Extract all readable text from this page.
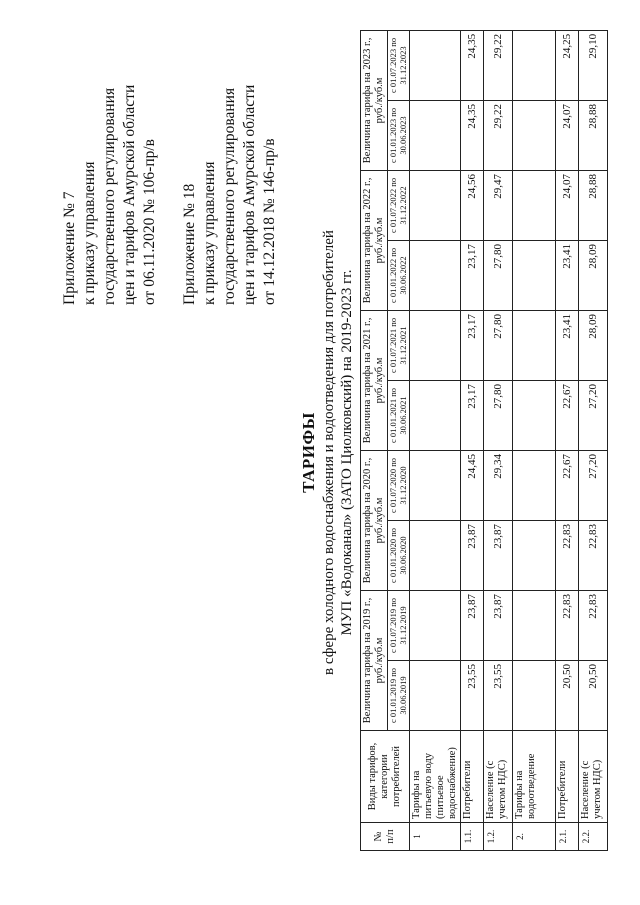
Приложение № 7 к приказу управления государственного регулирования цен и тарифов Амурской области от 06.11.2020 № 106-пр/в Приложение № 18 к приказу управления государственного регулирования цен и тарифов Амурской области от 14.12.2018 № 146-пр/в
ТАРИФЫ в сфере холодного водоснабжения и водоотведения для потребителей МУП «Водоканал» (ЗАТО Циолковский) на 2019-2023 гг.
№ п/п	Виды тарифов, категории потребителей	Величина тарифа на 2019 г., руб./куб.м		Величина тарифа на 2020 г., руб./куб.м		Величина тарифа на 2021 г., руб./куб.м		Величина тарифа на 2022 г., руб./куб.м		Величина тарифа на 2023 г., руб./куб.м	
		с 01.01.2019 по 30.06.2019	с 01.07.2019 по 31.12.2019	с 01.01.2020 по 30.06.2020	с 01.07.2020 по 31.12.2020	с 01.01.2021 по 30.06.2021	с 01.07.2021 по 31.12.2021	с 01.01.2022 по 30.06.2022	с 01.07.2022 по 31.12.2022	с 01.01.2023 по 30.06.2023	с 01.07.2023 по 31.12.2023
1	Тарифы на питьевую воду (питьевое водоснабжение)										
1.1.	Потребители	23,55	23,87	23,87	24,45	23,17	23,17	23,17	24,56	24,35	24,35
1.2.	Население (с учетом НДС)	23,55	23,87	23,87	29,34	27,80	27,80	27,80	29,47	29,22	29,22
2.	Тарифы на водоотведение										
2.1.	Потребители	20,50	22,83	22,83	22,67	22,67	23,41	23,41	24,07	24,07	24,25
2.2.	Население (с учетом НДС)	20,50	22,83	22,83	27,20	27,20	28,09	28,09	28,88	28,88	29,10
